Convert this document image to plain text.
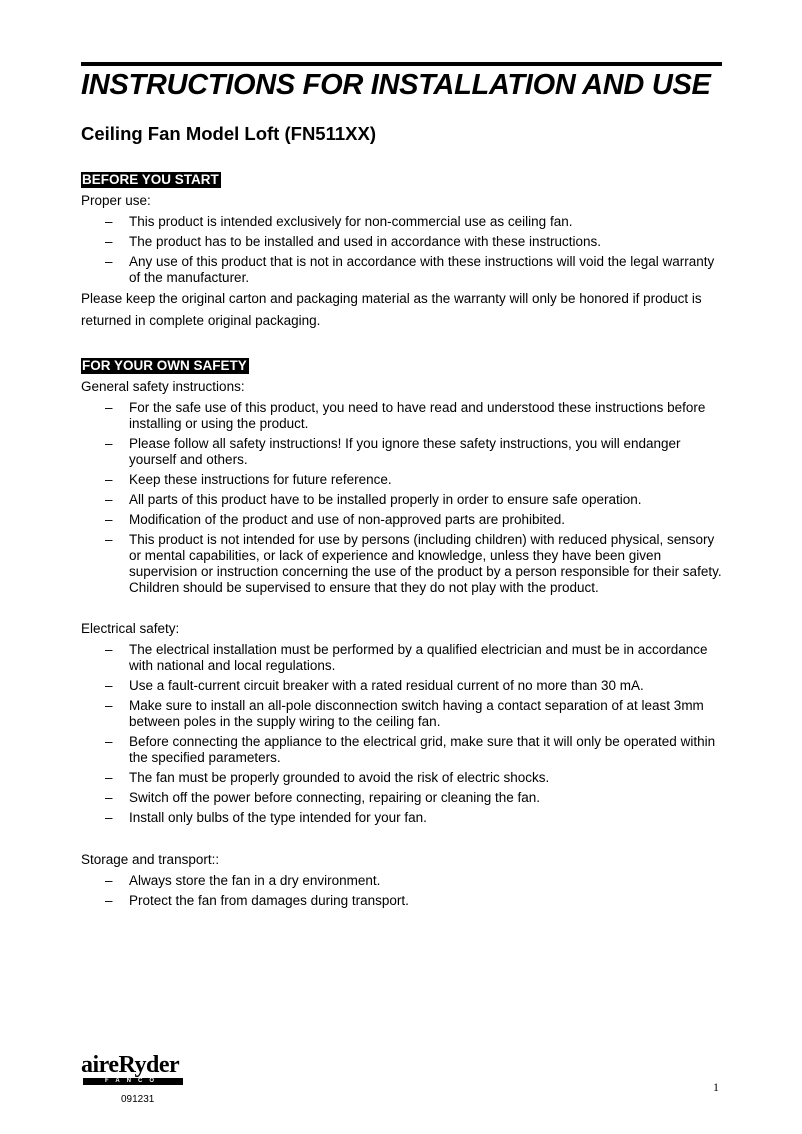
INSTRUCTIONS FOR INSTALLATION AND USE
Ceiling Fan Model Loft (FN511XX)
BEFORE YOU START

Proper use:

– This product is intended exclusively for non-commercial use as ceiling fan.
– The product has to be installed and used in accordance with these instructions.
– Any use of this product that is not in accordance with these instructions will void the legal warranty of the manufacturer.

Please keep the original carton and packaging material as the warranty will only be honored if product is returned in complete original packaging.

FOR YOUR OWN SAFETY

General safety instructions:

– For the safe use of this product, you need to have read and understood these instructions before installing or using the product.
– Please follow all safety instructions! If you ignore these safety instructions, you will endanger yourself and others.
– Keep these instructions for future reference.
– All parts of this product have to be installed properly in order to ensure safe operation.
– Modification of the product and use of non-approved parts are prohibited.
– This product is not intended for use by persons (including children) with reduced physical, sensory or mental capabilities, or lack of experience and knowledge, unless they have been given supervision or instruction concerning the use of the product by a person responsible for their safety. Children should be supervised to ensure that they do not play with the product.

Electrical safety:

– The electrical installation must be performed by a qualified electrician and must be in accordance with national and local regulations.
– Use a fault-current circuit breaker with a rated residual current of no more than 30 mA.
– Make sure to install an all-pole disconnection switch having a contact separation of at least 3mm between poles in the supply wiring to the ceiling fan.
– Before connecting the appliance to the electrical grid, make sure that it will only be operated within the specified parameters.
– The fan must be properly grounded to avoid the risk of electric shocks.
– Switch off the power before connecting, repairing or cleaning the fan.
– Install only bulbs of the type intended for your fan.

Storage and transport::

– Always store the fan in a dry environment.
– Protect the fan from damages during transport.
aireRyder
FANCO
091231
1
